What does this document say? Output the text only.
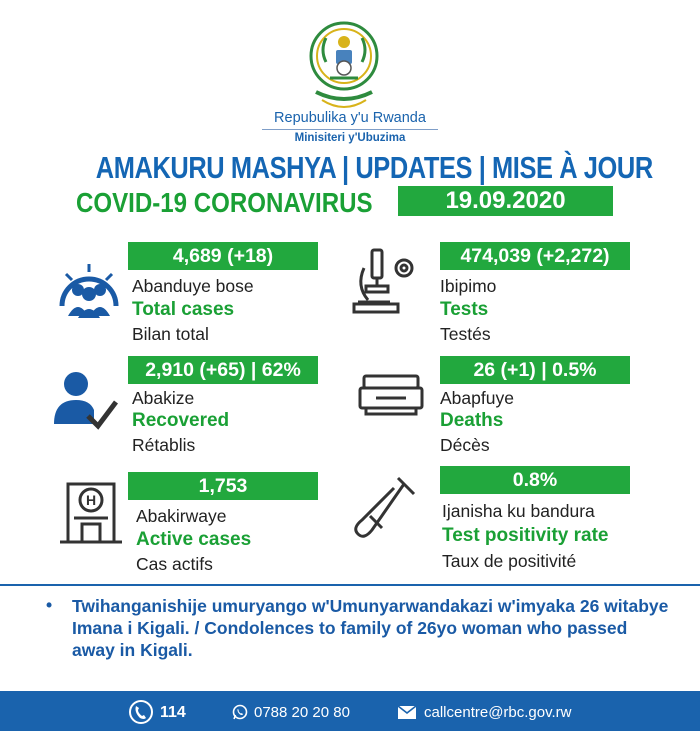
Repubulika y'u Rwanda
Minisiteri y'Ubuzima
AMAKURU MASHYA | UPDATES | MISE À JOUR
COVID-19 CORONAVIRUS	19.09.2020
4,689 (+18)
Abanduye bose
Total cases
Bilan total
474,039 (+2,272)
Ibipimo
Tests
Testés
2,910 (+65) | 62%
Abakize
Recovered
Rétablis
26 (+1) | 0.5%
Abapfuye
Deaths
Décès
H
1,753
Abakirwaye
Active cases
Cas actifs
0.8%
Ijanisha ku bandura
Test positivity rate
Taux de positivité
• Twihanganishije umuryango w'Umunyarwandakazi w'imyaka 26 witabye Imana i Kigali. / Condolences to family of 26yo woman who passed away in Kigali.
114	0788 20 20 80	callcentre@rbc.gov.rw
